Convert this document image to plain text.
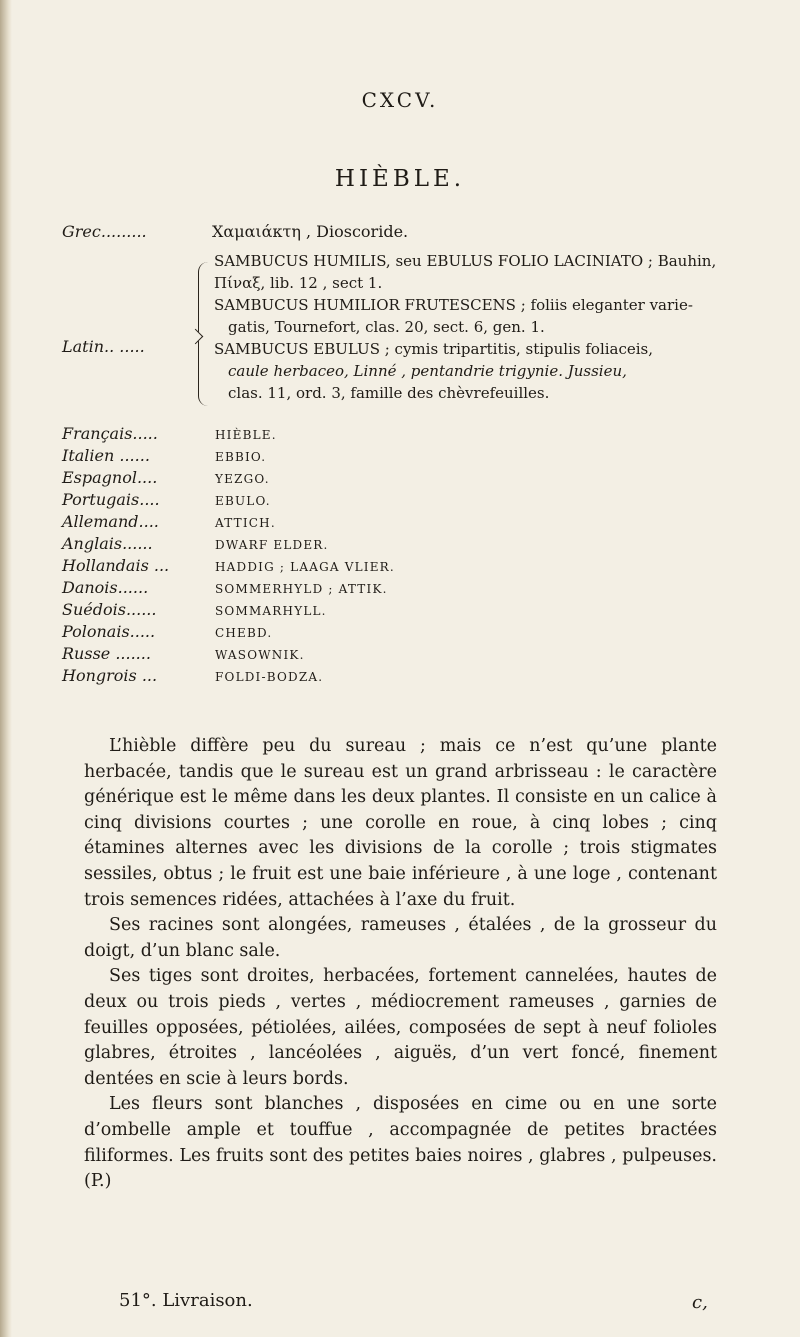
CXCV.
HIÈBLE.
Grec.........	Χαμαιάκτη , Dioscoride.
Latin.. .....
SAMBUCUS HUMILIS, seu EBULUS FOLIO LACINIATO ; Bauhin,
Πίναξ, lib. 12 , sect 1.
SAMBUCUS HUMILIOR FRUTESCENS ; foliis eleganter varie-
gatis, Tournefort, clas. 20, sect. 6, gen. 1.
SAMBUCUS EBULUS ; cymis tripartitis, stipulis foliaceis,
caule herbaceo, Linné , pentandrie trigynie. Jussieu,
clas. 11, ord. 3, famille des chèvrefeuilles.
Français.....	HIÈBLE.
Italien ......	EBBIO.
Espagnol....	YEZGO.
Portugais....	EBULO.
Allemand....	ATTICH.
Anglais......	DWARF ELDER.
Hollandais ...	HADDIG ; LAAGA VLIER.
Danois......	SOMMERHYLD ; ATTIK.
Suédois......	SOMMARHYLL.
Polonais.....	CHEBD.
Russe .......	WASOWNIK.
Hongrois ...	FOLDI-BODZA.

L’hièble diffère peu du sureau ; mais ce n’est qu’une plante herbacée, tandis que le sureau est un grand arbrisseau : le caractère générique est le même dans les deux plantes. Il consiste en un calice à cinq divisions courtes ; une corolle en roue, à cinq lobes ; cinq étamines alternes avec les divisions de la corolle ; trois stigmates sessiles, obtus ; le fruit est une baie inférieure , à une loge , contenant trois semences ridées, attachées à l’axe du fruit.

Ses racines sont alongées, rameuses , étalées , de la grosseur du doigt, d’un blanc sale.

Ses tiges sont droites, herbacées, fortement cannelées, hautes de deux ou trois pieds , vertes , médiocrement rameuses , garnies de feuilles opposées, pétiolées, ailées, composées de sept à neuf folioles glabres, étroites , lancéolées , aiguës, d’un vert foncé, finement dentées en scie à leurs bords.

Les fleurs sont blanches , disposées en cime ou en une sorte d’ombelle ample et touffue , accompagnée de petites bractées filiformes. Les fruits sont des petites baies noires , glabres , pulpeuses. (P.)

51°. Livraison.	c,
